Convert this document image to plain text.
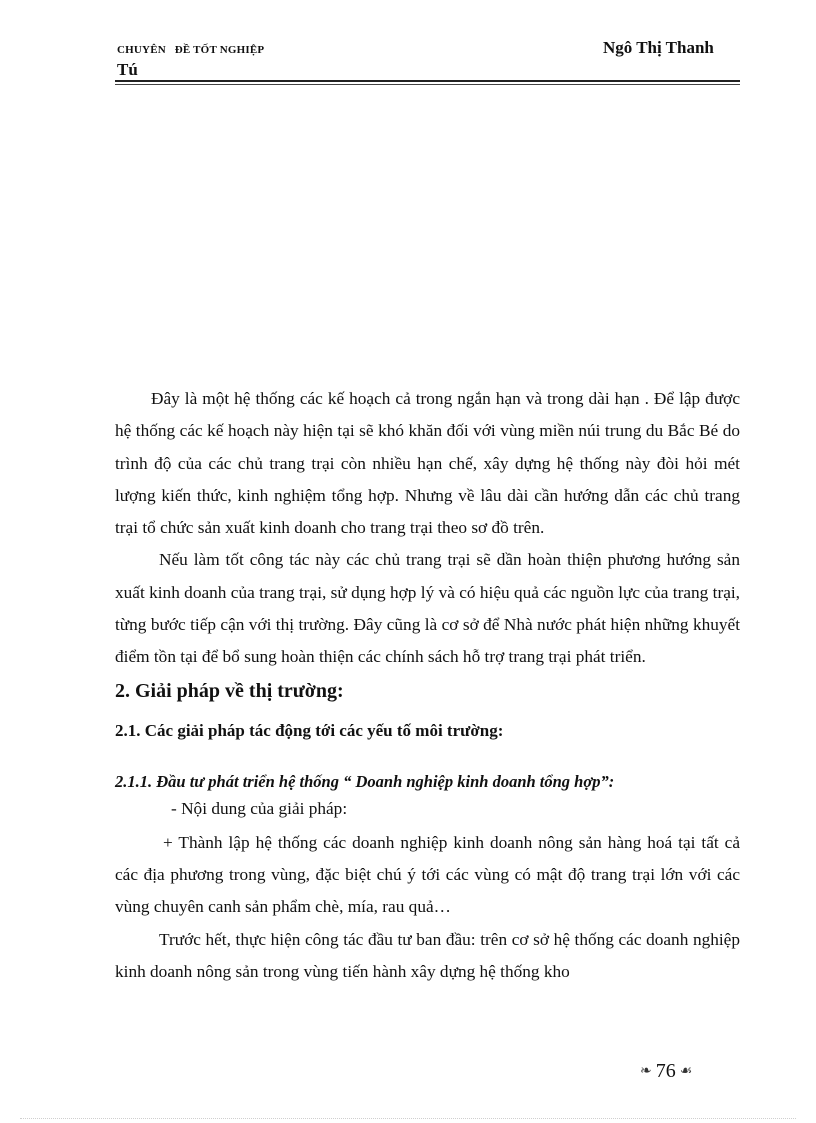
CHUYÊN   ĐỀ TỐT NGHIỆP
Tú
Ngô Thị Thanh

Đây là một hệ thống các kế hoạch cả trong ngắn hạn và trong dài hạn . Để lập được hệ thống các kế hoạch này hiện tại sẽ khó khăn đối với vùng miền núi trung du Bắc Bé do trình độ của các chủ trang trại còn nhiều hạn chế, xây dựng hệ thống này đòi hỏi mét lượng kiến thức, kinh nghiệm tổng hợp. Nhưng về lâu dài cần hướng dẫn các chủ trang trại tổ chức sản xuất kinh doanh cho trang trại theo sơ đồ trên.

Nếu làm tốt công tác này các chủ trang trại sẽ dần hoàn thiện phương hướng sản xuất kinh doanh của trang trại, sử dụng hợp lý và có hiệu quả các nguồn lực của trang trại, từng bước tiếp cận với thị trường. Đây cũng là cơ sở để Nhà nước phát hiện những khuyết điểm tồn tại để bổ sung hoàn thiện các chính sách hỗ trợ trang trại phát triển.

2. Giải pháp về thị trường:

2.1. Các giải pháp tác động tới các yếu tố môi trường:

2.1.1. Đầu tư phát triển hệ thống “ Doanh nghiệp kinh doanh tổng hợp”:

- Nội dung của giải pháp:

+ Thành lập hệ thống các doanh nghiệp kinh doanh nông sản hàng hoá tại tất cả các địa phương trong vùng, đặc biệt chú ý tới các vùng có mật độ trang trại lớn với các vùng chuyên canh sản phẩm chè, mía, rau quả…

Trước hết, thực hiện công tác đầu tư ban đầu: trên cơ sở hệ thống các doanh nghiệp kinh doanh nông sản trong vùng tiến hành xây dựng hệ thống kho

❧ 76 ☙
